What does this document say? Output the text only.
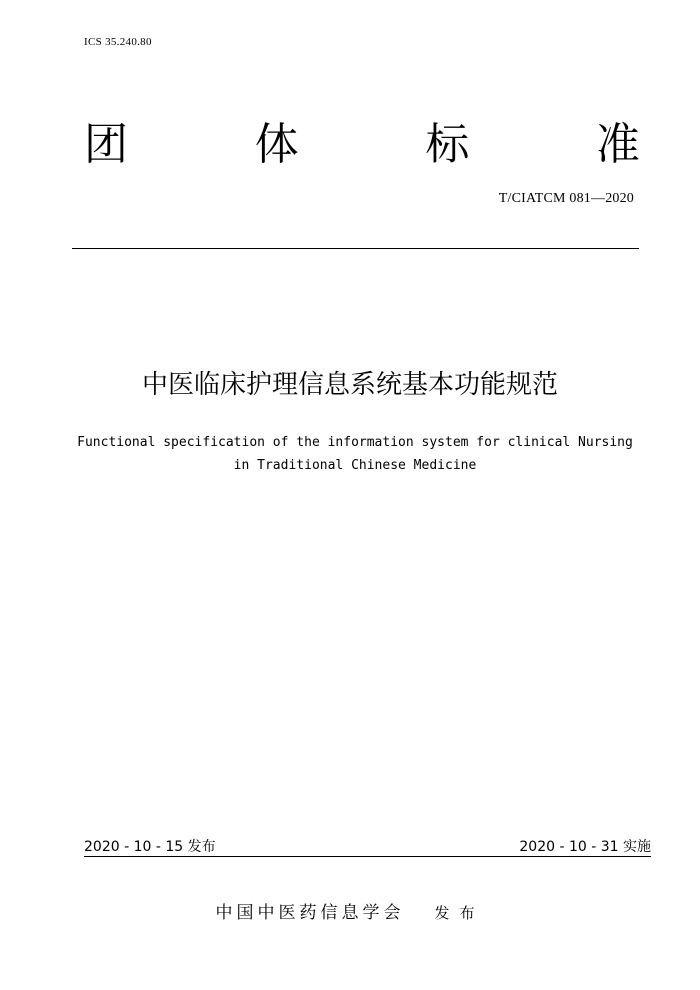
ICS 35.240.80
团	体	标	准
T/CIATCM 081—2020
中医临床护理信息系统基本功能规范
Functional specification of the information system for clinical Nursing
in Traditional Chinese Medicine
2020 - 10 - 15 发布	2020 - 10 - 31 实施
中国中医药信息学会 发布
